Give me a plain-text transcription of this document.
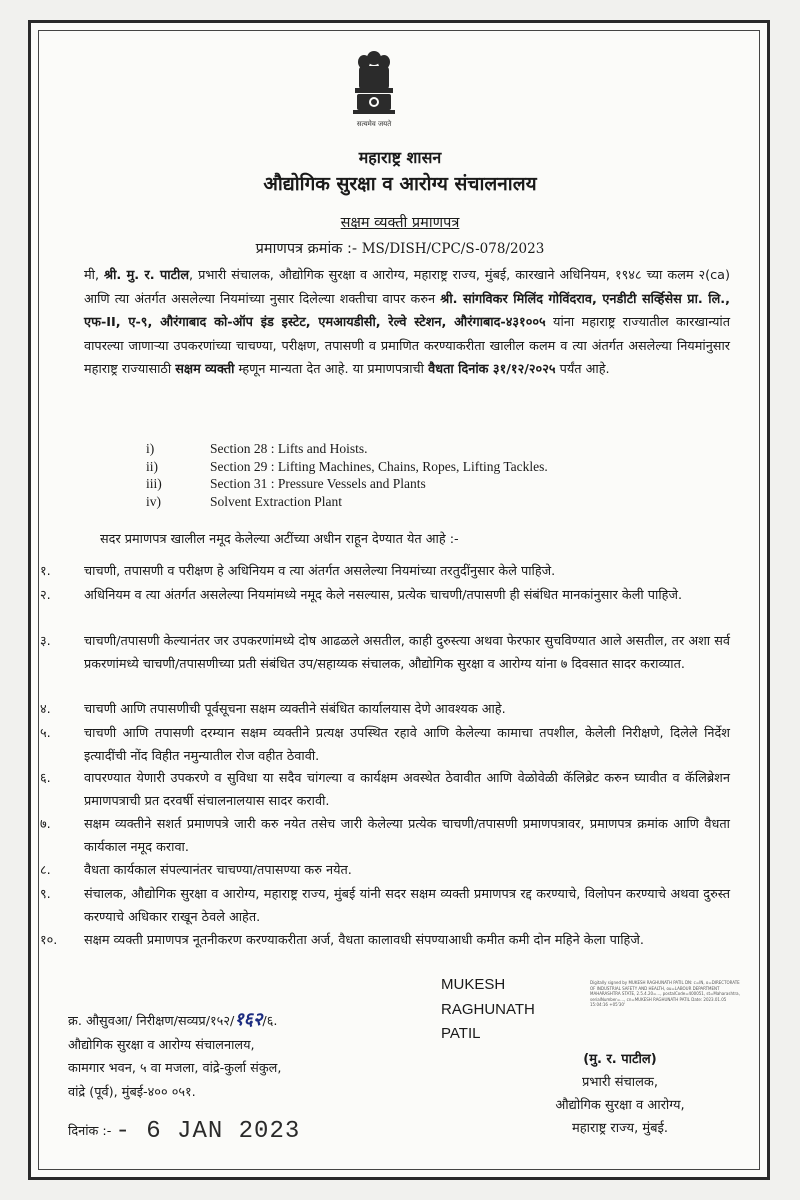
सत्यमेव जयते
महाराष्ट्र शासन
औद्योगिक सुरक्षा व आरोग्य संचालनालय
सक्षम व्यक्ती प्रमाणपत्र
प्रमाणपत्र क्रमांक :- MS/DISH/CPC/S-078/2023
मी, श्री. मु. र. पाटील, प्रभारी संचालक, औद्योगिक सुरक्षा व आरोग्य, महाराष्ट्र राज्य, मुंबई, कारखाने अधिनियम, १९४८ च्या कलम २(ca) आणि त्या अंतर्गत असलेल्या नियमांच्या नुसार दिलेल्या शक्तीचा वापर करुन श्री. सांगविकर मिलिंद गोविंदराव, एनडीटी सर्व्हिसेस प्रा. लि., एफ-II, ए-९, औरंगाबाद को-ऑप इंड इस्टेट, एमआयडीसी, रेल्वे स्टेशन, औरंगाबाद-४३१००५ यांना महाराष्ट्र राज्यातील कारखान्यांत वापरल्या जाणाऱ्या उपकरणांच्या चाचण्या, परीक्षण, तपासणी व प्रमाणित करण्याकरीता खालील कलम व त्या अंतर्गत असलेल्या नियमांनुसार महाराष्ट्र राज्यासाठी सक्षम व्यक्ती म्हणून मान्यता देत आहे. या प्रमाणपत्राची वैधता दिनांक ३१/१२/२०२५ पर्यंत आहे.
i)	Section 28 : Lifts and Hoists.
ii)	Section 29 : Lifting Machines, Chains, Ropes, Lifting Tackles.
iii)	Section 31 : Pressure Vessels and Plants
iv)	Solvent Extraction Plant
सदर प्रमाणपत्र खालील नमूद केलेल्या अटींच्या अधीन राहून देण्यात येत आहे :-
१.	चाचणी, तपासणी व परीक्षण हे अधिनियम व त्या अंतर्गत असलेल्या नियमांच्या तरतुदींनुसार केले पाहिजे.
२.	अधिनियम व त्या अंतर्गत असलेल्या नियमांमध्ये नमूद केले नसल्यास, प्रत्येक चाचणी/तपासणी ही संबंधित मानकांनुसार केली पाहिजे.
३.	चाचणी/तपासणी केल्यानंतर जर उपकरणांमध्ये दोष आढळले असतील, काही दुरुस्त्या अथवा फेरफार सुचविण्यात आले असतील, तर अशा सर्व प्रकरणांमध्ये चाचणी/तपासणीच्या प्रती संबंधित उप/सहाय्यक संचालक, औद्योगिक सुरक्षा व आरोग्य यांना ७ दिवसात सादर कराव्यात.
४.	चाचणी आणि तपासणीची पूर्वसूचना सक्षम व्यक्तीने संबंधित कार्यालयास देणे आवश्यक आहे.
५.	चाचणी आणि तपासणी दरम्यान सक्षम व्यक्तीने प्रत्यक्ष उपस्थित रहावे आणि केलेल्या कामाचा तपशील, केलेली निरीक्षणे, दिलेले निर्देश इत्यादींची नोंद विहीत नमुन्यातील रोज वहीत ठेवावी.
६.	वापरण्यात येणारी उपकरणे व सुविधा या सदैव चांगल्या व कार्यक्षम अवस्थेत ठेवावीत आणि वेळोवेळी कॅलिब्रेट करुन घ्यावीत व कॅलिब्रेशन प्रमाणपत्राची प्रत दरवर्षी संचालनालयास सादर करावी.
७.	सक्षम व्यक्तीने सशर्त प्रमाणपत्रे जारी करु नयेत तसेच जारी केलेल्या प्रत्येक चाचणी/तपासणी प्रमाणपत्रावर, प्रमाणपत्र क्रमांक आणि वैधता कार्यकाल नमूद करावा.
८.	वैधता कार्यकाल संपल्यानंतर चाचण्या/तपासण्या करु नयेत.
९.	संचालक, औद्योगिक सुरक्षा व आरोग्य, महाराष्ट्र राज्य, मुंबई यांनी सदर सक्षम व्यक्ती प्रमाणपत्र रद्द करण्याचे, विलोपन करण्याचे अथवा दुरुस्त करण्याचे अधिकार राखून ठेवले आहेत.
१०.	सक्षम व्यक्ती प्रमाणपत्र नूतनीकरण करण्याकरीता अर्ज, वैधता कालावधी संपण्याआधी कमीत कमी दोन महिने केला पाहिजे.
MUKESH
RAGHUNATH
PATIL
Digitally signed by MUKESH RAGHUNATH PATIL DN: c=IN, o=DIRECTORATE OF INDUSTRIAL SAFETY AND HEALTH, ou=LABOUR DEPARTMENT MAHARASHTRA STATE, 2.5.4.20=..., postalCode=400051, st=Maharashtra, serialNumber=..., cn=MUKESH RAGHUNATH PATIL Date: 2023.01.05 15:04:16 +05'30'
क्र. औसुवआ/ निरीक्षण/सव्यप्र/१५२/१६२/६.
औद्योगिक सुरक्षा व आरोग्य संचालनालय,
कामगार भवन, ५ वा मजला, वांद्रे-कुर्ला संकुल,
वांद्रे (पूर्व), मुंबई-४०० ०५१.
दिनांक :- - 6 JAN 2023
(मु. र. पाटील)
प्रभारी संचालक,
औद्योगिक सुरक्षा व आरोग्य,
महाराष्ट्र राज्य, मुंबई.
